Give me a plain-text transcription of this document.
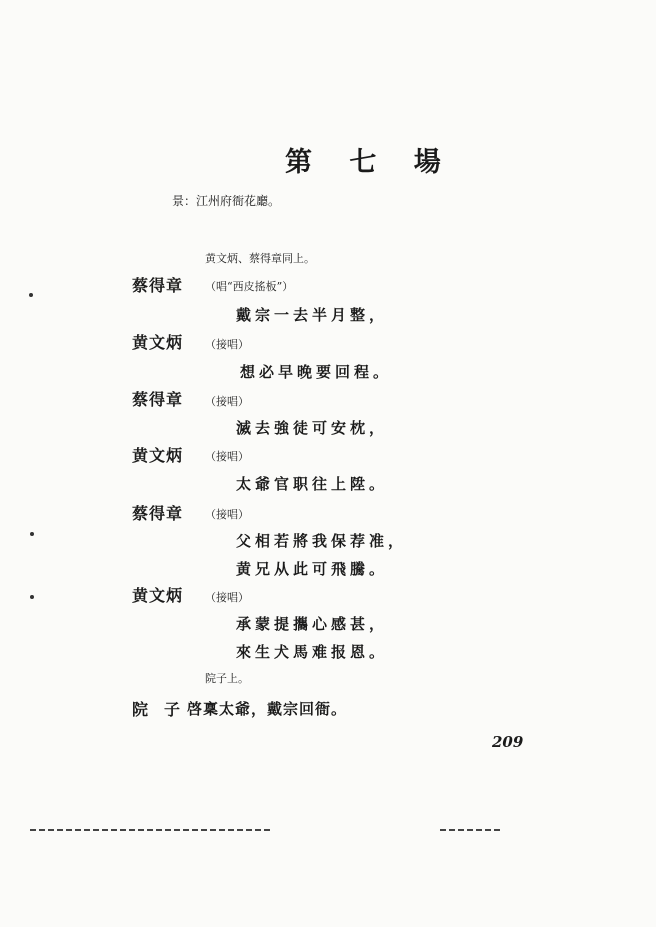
第 七 場
景：江州府衙花廳。
黄文炳、蔡得章同上。
蔡得章 （唱“西皮搖板”）
戴宗一去半月整，
黄文炳 （接唱）
想必早晚要回程。
蔡得章 （接唱）
滅去強徒可安枕，
黄文炳 （接唱）
太爺官职往上陞。
蔡得章 （接唱）
父相若將我保荐准，
黄兄从此可飛騰。
黄文炳 （接唱）
承蒙提攜心感甚，
來生犬馬难报恩。
院子上。
院　子 啓稟太爺，戴宗回衙。
209
